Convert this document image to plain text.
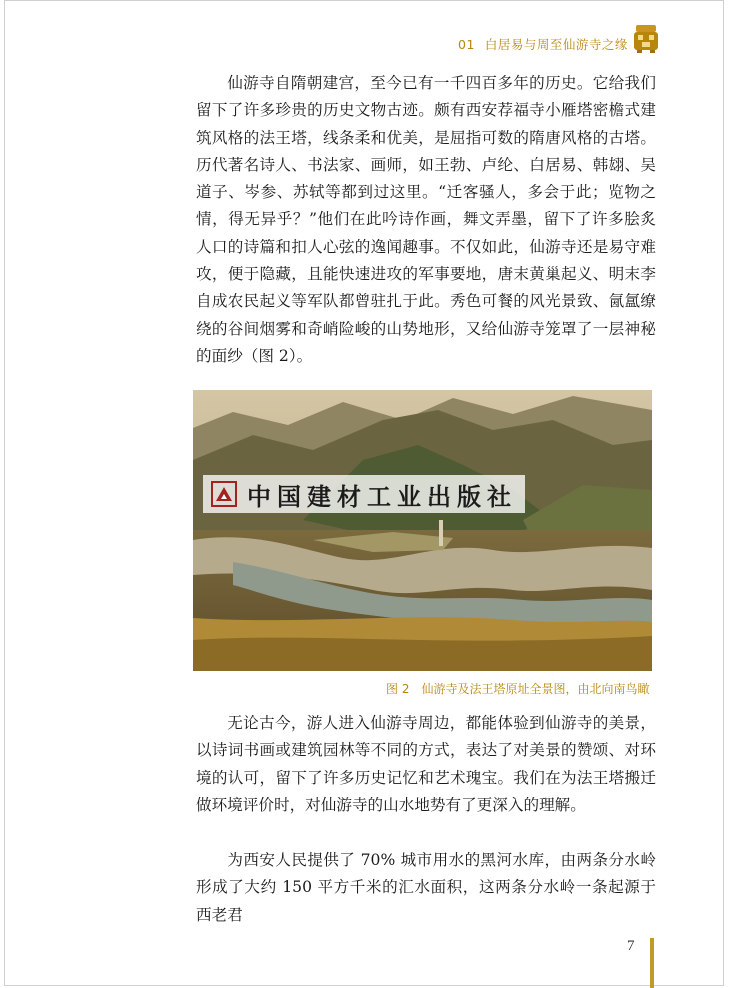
01 白居易与周至仙游寺之缘

仙游寺自隋朝建宫，至今已有一千四百多年的历史。它给我们留下了许多珍贵的历史文物古迹。颇有西安荐福寺小雁塔密檐式建筑风格的法王塔，线条柔和优美，是屈指可数的隋唐风格的古塔。历代著名诗人、书法家、画师，如王勃、卢纶、白居易、韩翃、吴道子、岑参、苏轼等都到过这里。“迁客骚人，多会于此；览物之情，得无异乎？”他们在此吟诗作画，舞文弄墨，留下了许多脍炙人口的诗篇和扣人心弦的逸闻趣事。不仅如此，仙游寺还是易守难攻，便于隐藏，且能快速进攻的军事要地，唐末黄巢起义、明末李自成农民起义等军队都曾驻扎于此。秀色可餐的风光景致、氤氲缭绕的谷间烟雾和奇峭险峻的山势地形，又给仙游寺笼罩了一层神秘的面纱（图 2）。

中国建材工业出版社
图 2 仙游寺及法王塔原址全景图，由北向南鸟瞰

无论古今，游人进入仙游寺周边，都能体验到仙游寺的美景，以诗词书画或建筑园林等不同的方式，表达了对美景的赞颂、对环境的认可，留下了许多历史记忆和艺术瑰宝。我们在为法王塔搬迁做环境评价时，对仙游寺的山水地势有了更深入的理解。

为西安人民提供了 70% 城市用水的黑河水库，由两条分水岭形成了大约 150 平方千米的汇水面积，这两条分水岭一条起源于西老君

7
